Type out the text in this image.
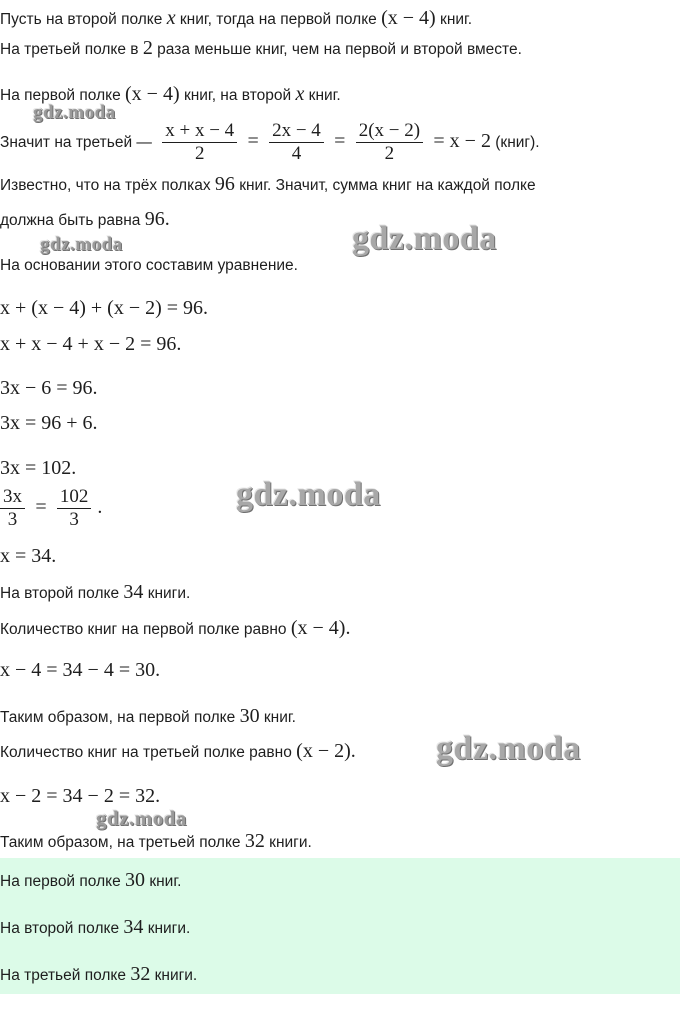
Пусть на второй полке x книг, тогда на первой полке (x − 4) книг.
На третьей полке в 2 раза меньше книг, чем на первой и второй вместе.
На первой полке (x − 4) книг, на второй x книг.
Значит на третьей — $\frac{x + x - 4}{2} = \frac{2x - 4}{4} = \frac{2(x - 2)}{2} = x - 2$ (книг).
Известно, что на трёх полках 96 книг. Значит, сумма книг на каждой полке
должна быть равна 96.
На основании этого составим уравнение.
x + (x − 4) + (x − 2) = 96.
x + x − 4 + x − 2 = 96.
3x − 6 = 96.
3x = 96 + 6.
3x = 102.
$\frac{3x}{3} = \frac{102}{3}$ .
x = 34.
На второй полке 34 книги.
Количество книг на первой полке равно (x − 4).
x − 4 = 34 − 4 = 30.
Таким образом, на первой полке 30 книг.
Количество книг на третьей полке равно (x − 2).
x − 2 = 34 − 2 = 32.
Таким образом, на третьей полке 32 книги.
На первой полке 30 книг.
На второй полке 34 книги.
На третьей полке 32 книги.
gdz.moda
gdz.moda	gdz.moda
gdz.moda
gdz.moda
gdz.moda
